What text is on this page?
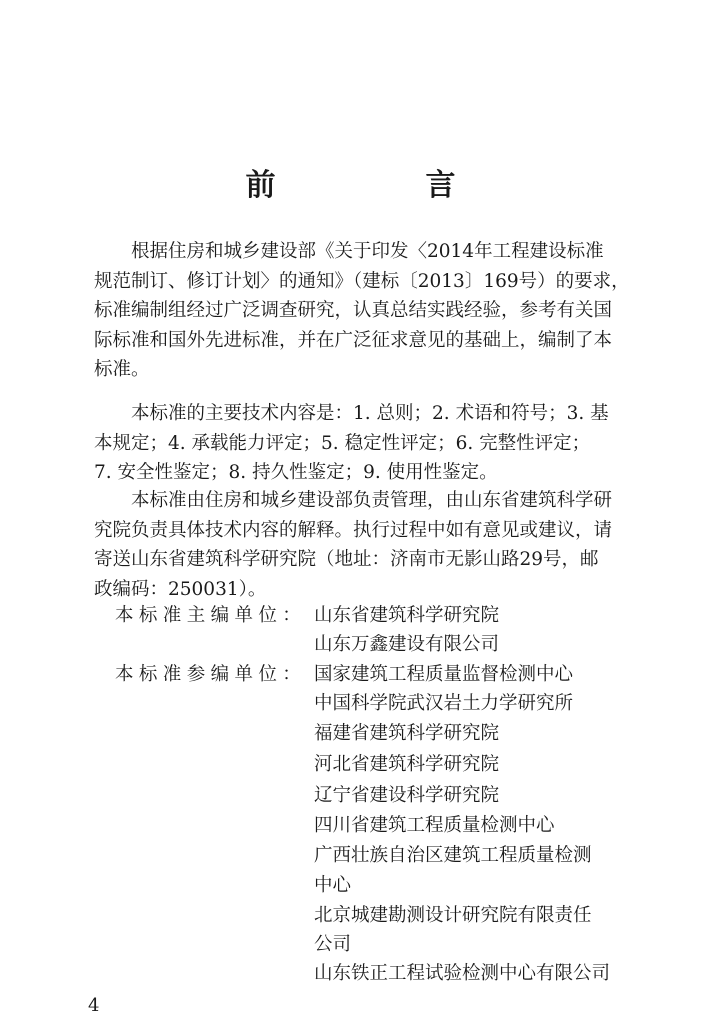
前　言
　　根据住房和城乡建设部《关于印发〈2014年工程建设标准
规范制订、修订计划〉的通知》（建标〔2013〕169号）的要求，
标准编制组经过广泛调查研究，认真总结实践经验，参考有关国
际标准和国外先进标准，并在广泛征求意见的基础上，编制了本
标准。
　　本标准的主要技术内容是：1. 总则；2. 术语和符号；3. 基
本规定；4. 承载能力评定；5. 稳定性评定；6. 完整性评定；
7. 安全性鉴定；8. 持久性鉴定；9. 使用性鉴定。
　　本标准由住房和城乡建设部负责管理，由山东省建筑科学研
究院负责具体技术内容的解释。执行过程中如有意见或建议，请
寄送山东省建筑科学研究院（地址：济南市无影山路29号，邮
政编码：250031）。
本标准主编单位： 山东省建筑科学研究院
山东万鑫建设有限公司
本标准参编单位： 国家建筑工程质量监督检测中心
中国科学院武汉岩土力学研究所
福建省建筑科学研究院
河北省建筑科学研究院
辽宁省建设科学研究院
四川省建筑工程质量检测中心
广西壮族自治区建筑工程质量检测
中心
北京城建勘测设计研究院有限责任
公司
山东铁正工程试验检测中心有限公司
4
